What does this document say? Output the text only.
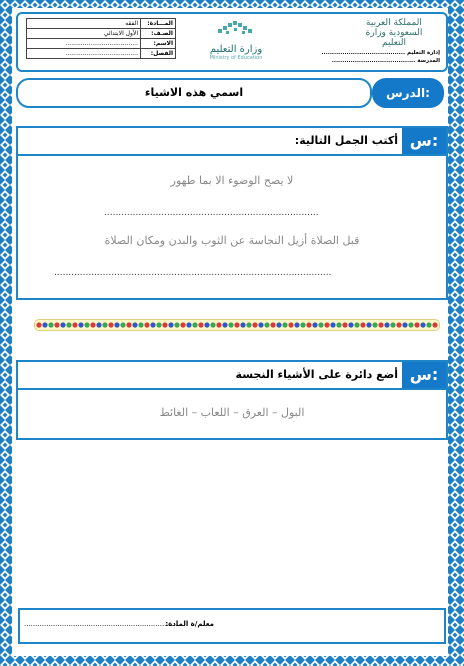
المملكة العربية السعودية وزارة التعليم
إدارة التعليم ........................................
المدرسة ........................................
وزارة التعليم
Ministry of Education
المـــادة:	الفقه
الصـف:	الأول الابتدائي
الاسم:	......................................
الفصل:	......................................
اسمي هذه الاشياء	الدرس:
أكتب الجمل التالية: س:
لا يصح الوضوء الا بما طهور
...........................................................................
قبل الصلاة أزيل النجاسة عن الثوب والبدن ومكان الصلاة
.................................................................................................
أضع دائرة على الأشياء النجسة س:
البول – العرق – اللعاب – الغائط
معلم/ة المادة:
......................................................................
